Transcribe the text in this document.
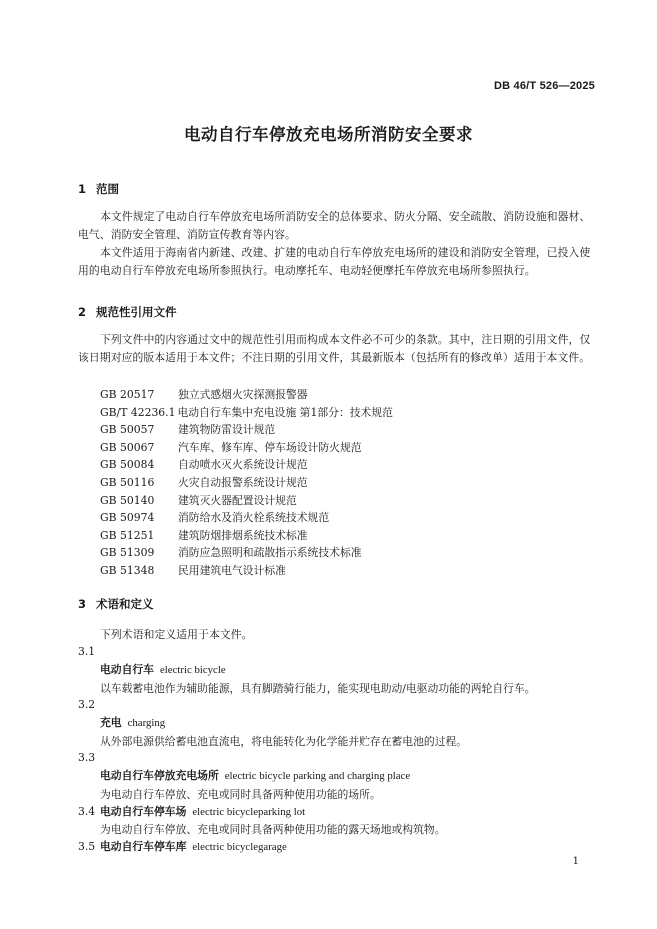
DB 46/T 526—2025
电动自行车停放充电场所消防安全要求
1 范围
本文件规定了电动自行车停放充电场所消防安全的总体要求、防火分隔、安全疏散、消防设施和器材、电气、消防安全管理、消防宣传教育等内容。
本文件适用于海南省内新建、改建、扩建的电动自行车停放充电场所的建设和消防安全管理，已投入使用的电动自行车停放充电场所参照执行。电动摩托车、电动轻便摩托车停放充电场所参照执行。
2 规范性引用文件
下列文件中的内容通过文中的规范性引用而构成本文件必不可少的条款。其中，注日期的引用文件，仅该日期对应的版本适用于本文件；不注日期的引用文件，其最新版本（包括所有的修改单）适用于本文件。
GB 20517 独立式感烟火灾探测报警器
GB/T 42236.1 电动自行车集中充电设施 第1部分：技术规范
GB 50057 建筑物防雷设计规范
GB 50067 汽车库、修车库、停车场设计防火规范
GB 50084 自动喷水灭火系统设计规范
GB 50116 火灾自动报警系统设计规范
GB 50140 建筑灭火器配置设计规范
GB 50974 消防给水及消火栓系统技术规范
GB 51251 建筑防烟排烟系统技术标准
GB 51309 消防应急照明和疏散指示系统技术标准
GB 51348 民用建筑电气设计标准
3 术语和定义
下列术语和定义适用于本文件。
3.1
电动自行车 electric bicycle
以车载蓄电池作为辅助能源，具有脚踏骑行能力，能实现电助动/电驱动功能的两轮自行车。
3.2
充电 charging
从外部电源供给蓄电池直流电，将电能转化为化学能并贮存在蓄电池的过程。
3.3
电动自行车停放充电场所 electric bicycle parking and charging place
为电动自行车停放、充电或同时具备两种使用功能的场所。
3.4 电动自行车停车场 electric bicycleparking lot
为电动自行车停放、充电或同时具备两种使用功能的露天场地或构筑物。
3.5 电动自行车停车库 electric bicyclegarage
1
